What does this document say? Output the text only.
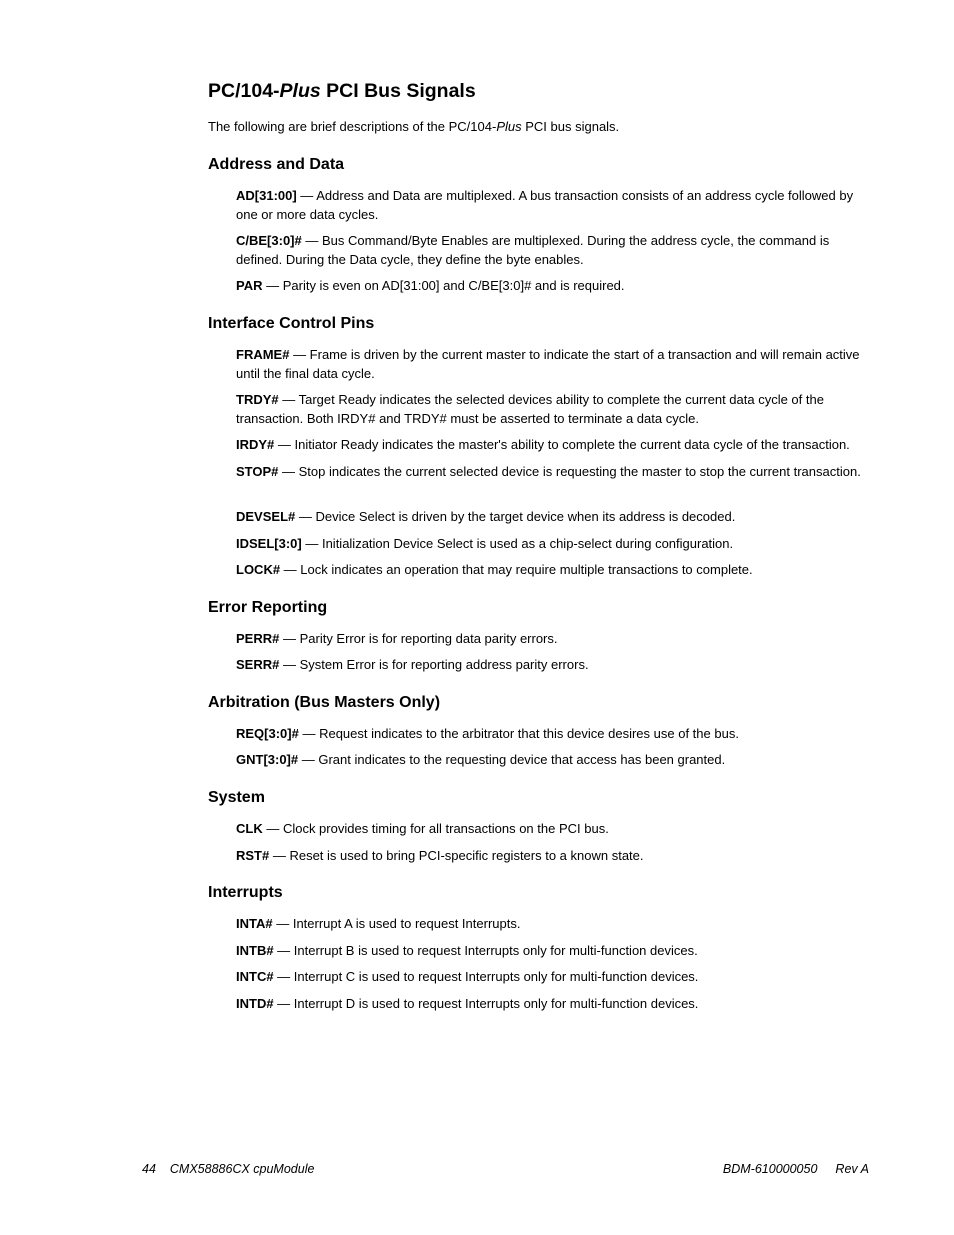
PC/104-Plus PCI Bus Signals

The following are brief descriptions of the PC/104-Plus PCI bus signals.

Address and Data

AD[31:00] — Address and Data are multiplexed. A bus transaction consists of an address cycle followed by one or more data cycles.

C/BE[3:0]# — Bus Command/Byte Enables are multiplexed. During the address cycle, the command is defined. During the Data cycle, they define the byte enables.

PAR — Parity is even on AD[31:00] and C/BE[3:0]# and is required.

Interface Control Pins

FRAME# — Frame is driven by the current master to indicate the start of a transaction and will remain active until the final data cycle.

TRDY# — Target Ready indicates the selected devices ability to complete the current data cycle of the transaction. Both IRDY# and TRDY# must be asserted to terminate a data cycle.

IRDY# — Initiator Ready indicates the master's ability to complete the current data cycle of the transaction.

STOP# — Stop indicates the current selected device is requesting the master to stop the current transaction.

DEVSEL# — Device Select is driven by the target device when its address is decoded.

IDSEL[3:0] — Initialization Device Select is used as a chip-select during configuration.

LOCK# — Lock indicates an operation that may require multiple transactions to complete.

Error Reporting

PERR# — Parity Error is for reporting data parity errors.

SERR# — System Error is for reporting address parity errors.

Arbitration (Bus Masters Only)

REQ[3:0]# — Request indicates to the arbitrator that this device desires use of the bus.

GNT[3:0]# — Grant indicates to the requesting device that access has been granted.

System

CLK — Clock provides timing for all transactions on the PCI bus.

RST# — Reset is used to bring PCI-specific registers to a known state.

Interrupts

INTA# — Interrupt A is used to request Interrupts.

INTB# — Interrupt B is used to request Interrupts only for multi-function devices.

INTC# — Interrupt C is used to request Interrupts only for multi-function devices.

INTD# — Interrupt D is used to request Interrupts only for multi-function devices.

44 CMX58886CX cpuModule	BDM-610000050 Rev A
